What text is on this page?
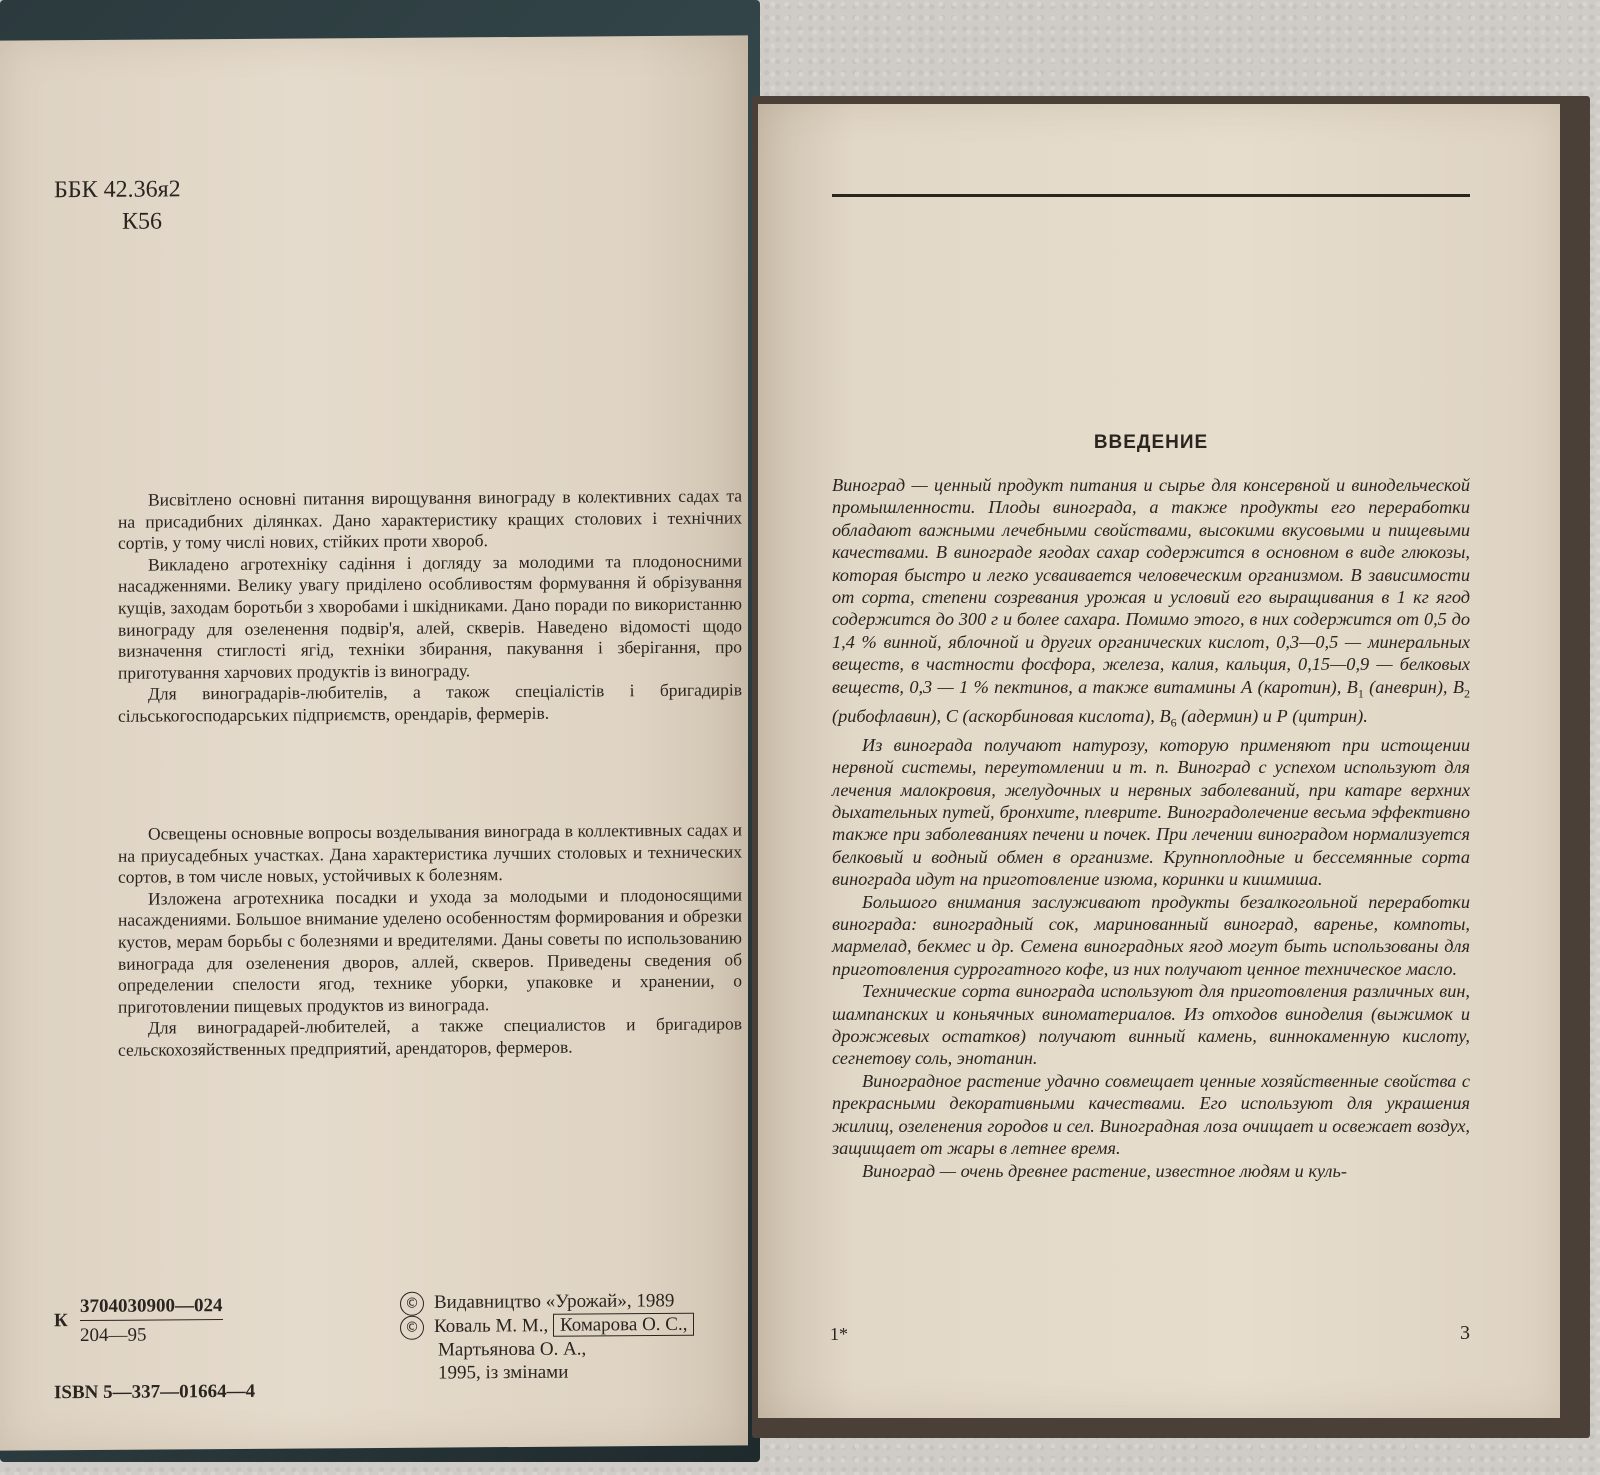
ББК 42.36я2
К56

Висвітлено основні питання вирощування винограду в колективних садах та на присадибних ділянках. Дано характеристику кращих столових і технічних сортів, у тому числі нових, стійких проти хвороб.

Викладено агротехніку садіння і догляду за молодими та плодоносними насадженнями. Велику увагу приділено особливостям формування й обрізування кущів, заходам боротьби з хворобами і шкідниками. Дано поради по використанню винограду для озеленення подвір'я, алей, скверів. Наведено відомості щодо визначення стиглості ягід, техніки збирання, пакування і зберігання, про приготування харчових продуктів із винограду.

Для виноградарів-любителів, а також спеціалістів і бригадирів сільськогосподарських підприємств, орендарів, фермерів.

Освещены основные вопросы возделывания винограда в коллективных садах и на приусадебных участках. Дана характеристика лучших столовых и технических сортов, в том числе новых, устойчивых к болезням.

Изложена агротехника посадки и ухода за молодыми и плодоносящими насаждениями. Большое внимание уделено особенностям формирования и обрезки кустов, мерам борьбы с болезнями и вредителями. Даны советы по использованию винограда для озеленения дворов, аллей, скверов. Приведены сведения об определении спелости ягод, технике уборки, упаковке и хранении, о приготовлении пищевых продуктов из винограда.

Для виноградарей-любителей, а также специалистов и бригадиров сельскохозяйственных предприятий, арендаторов, фермеров.

К
3704030900—024
204—95
ISBN 5—337—01664—4
© Видавництво «Урожай», 1989
© Коваль М. М., Комарова О. С.,
Мартьянова О. А.,
1995, із змінами
ВВЕДЕНИЕ

Виноград — ценный продукт питания и сырье для консервной и винодельческой промышленности. Плоды винограда, а также продукты его переработки обладают важными лечебными свойствами, высокими вкусовыми и пищевыми качествами. В винограде ягодах сахар содержится в основном в виде глюкозы, которая быстро и легко усваивается человеческим организмом. В зависимости от сорта, степени созревания урожая и условий его выращивания в 1 кг ягод содержится до 300 г и более сахара. Помимо этого, в них содержится от 0,5 до 1,4 % винной, яблочной и других органических кислот, 0,3—0,5 — минеральных веществ, в частности фосфора, железа, калия, кальция, 0,15—0,9 — белковых веществ, 0,3 — 1 % пектинов, а также витамины А (каротин), $В_1$ (аневрин), $В_2$ (рибофлавин), С (аскорбиновая кислота), $В_6$ (адермин) и Р (цитрин).

Из винограда получают натурозу, которую применяют при истощении нервной системы, переутомлении и т. п. Виноград с успехом используют для лечения малокровия, желудочных и нервных заболеваний, при катаре верхних дыхательных путей, бронхите, плеврите. Виноградолечение весьма эффективно также при заболеваниях печени и почек. При лечении виноградом нормализуется белковый и водный обмен в организме. Крупноплодные и бессемянные сорта винограда идут на приготовление изюма, коринки и кишмиша.

Большого внимания заслуживают продукты безалкогольной переработки винограда: виноградный сок, маринованный виноград, варенье, компоты, мармелад, бекмес и др. Семена виноградных ягод могут быть использованы для приготовления суррогатного кофе, из них получают ценное техническое масло.

Технические сорта винограда используют для приготовления различных вин, шампанских и коньячных виноматериалов. Из отходов виноделия (выжимок и дрожжевых остатков) получают винный камень, виннокаменную кислоту, сегнетову соль, энотанин.

Виноградное растение удачно совмещает ценные хозяйственные свойства с прекрасными декоративными качествами. Его используют для украшения жилищ, озеленения городов и сел. Виноградная лоза очищает и освежает воздух, защищает от жары в летнее время.

Виноград — очень древнее растение, известное людям и куль-

1*	3
